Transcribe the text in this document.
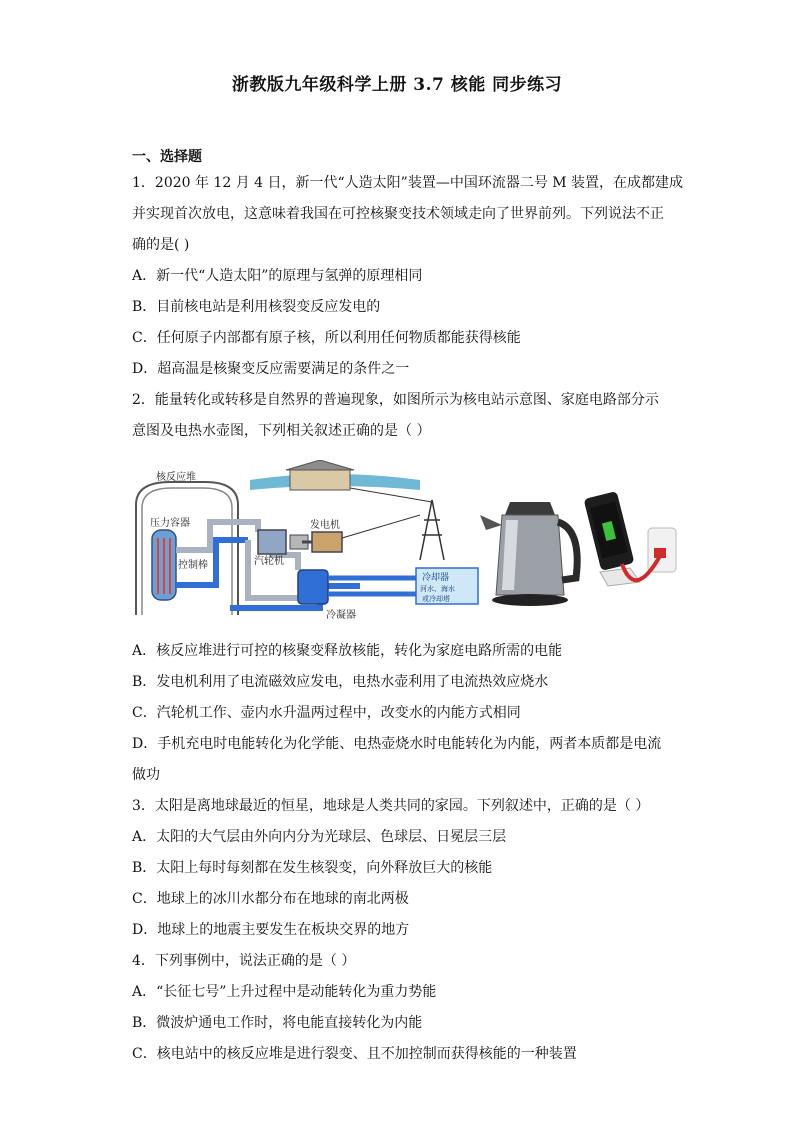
浙教版九年级科学上册 3.7 核能 同步练习
一、选择题
1．2020 年 12 月 4 日，新一代“人造太阳”装置—中国环流器二号 M 装置，在成都建成
并实现首次放电，这意味着我国在可控核聚变技术领域走向了世界前列。下列说法不正
确的是( )
A．新一代“人造太阳”的原理与氢弹的原理相同
B．目前核电站是利用核裂变反应发电的
C．任何原子内部都有原子核，所以利用任何物质都能获得核能
D．超高温是核聚变反应需要满足的条件之一
2．能量转化或转移是自然界的普遍现象，如图所示为核电站示意图、家庭电路部分示
意图及电热水壶图，下列相关叙述正确的是（ ）
核反应堆
压力容器
控制棒	汽轮机
发电机
冷凝器
冷却器
河水、海水
或冷却塔
A．核反应堆进行可控的核聚变释放核能，转化为家庭电路所需的电能
B．发电机利用了电流磁效应发电，电热水壶利用了电流热效应烧水
C．汽轮机工作、壶内水升温两过程中，改变水的内能方式相同
D．手机充电时电能转化为化学能、电热壶烧水时电能转化为内能，两者本质都是电流
做功
3．太阳是离地球最近的恒星，地球是人类共同的家园。下列叙述中，正确的是（ ）
A．太阳的大气层由外向内分为光球层、色球层、日冕层三层
B．太阳上每时每刻都在发生核裂变，向外释放巨大的核能
C．地球上的冰川水都分布在地球的南北两极
D．地球上的地震主要发生在板块交界的地方
4．下列事例中，说法正确的是（ ）
A．“长征七号”上升过程中是动能转化为重力势能
B．微波炉通电工作时，将电能直接转化为内能
C．核电站中的核反应堆是进行裂变、且不加控制而获得核能的一种装置
